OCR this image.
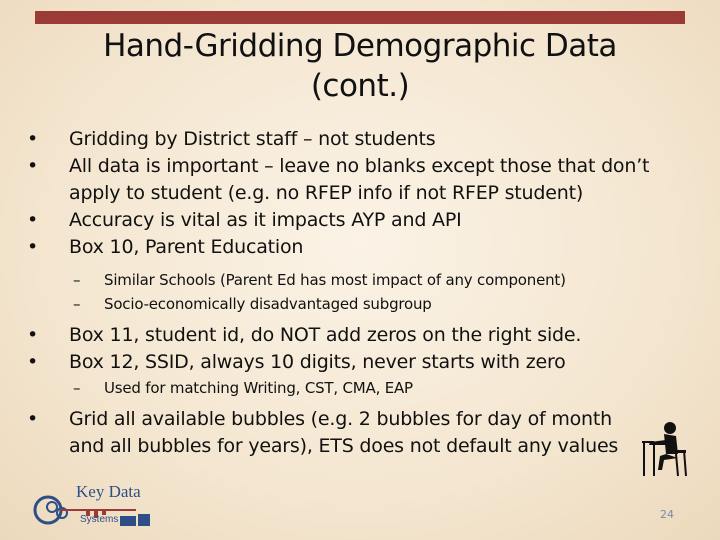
Hand-Gridding Demographic Data
(cont.)
• Gridding by District staff – not students
• All data is important – leave no blanks except those that don’t apply to student (e.g. no RFEP info if not RFEP student)
• Accuracy is vital as it impacts AYP and API
• Box 10, Parent Education
– Similar Schools (Parent Ed has most impact of any component)
– Socio-economically disadvantaged subgroup
• Box 11, student id, do NOT add zeros on the right side.
• Box 12, SSID, always 10 digits, never starts with zero
– Used for matching Writing, CST, CMA, EAP
• Grid all available bubbles (e.g. 2 bubbles for day of month and all bubbles for years), ETS does not default any values
Key Data
Systems	24
